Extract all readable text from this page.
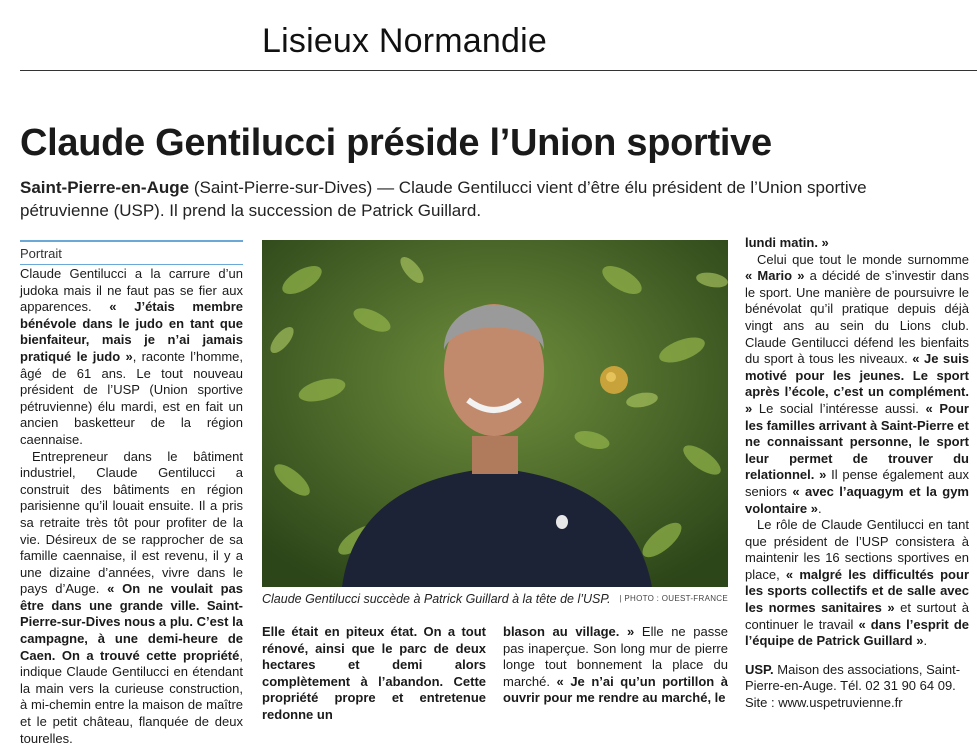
Lisieux Normandie
Claude Gentilucci préside l’Union sportive
Saint-Pierre-en-Auge (Saint-Pierre-sur-Dives) — Claude Gentilucci vient d’être élu président de l’Union sportive pétruvienne (USP). Il prend la succession de Patrick Guillard.
Portrait

Claude Gentilucci a la carrure d’un judoka mais il ne faut pas se fier aux apparences. « J’étais membre bénévole dans le judo en tant que bienfaiteur, mais je n’ai jamais pratiqué le judo », raconte l’homme, âgé de 61 ans. Le tout nouveau président de l’USP (Union sportive pétruvienne) élu mardi, est en fait un ancien basketteur de la région caennaise.

Entrepreneur dans le bâtiment industriel, Claude Gentilucci a construit des bâtiments en région parisienne qu’il louait ensuite. Il a pris sa retraite très tôt pour profiter de la vie. Désireux de se rapprocher de sa famille caennaise, il est revenu, il y a une dizaine d’années, vivre dans le pays d’Auge. « On ne voulait pas être dans une grande ville. Saint-Pierre-sur-Dives nous a plu. C’est la campagne, à une demi-heure de Caen. On a trouvé cette propriété, indique Claude Gentilucci en étendant la main vers la curieuse construction, à mi-chemin entre la maison de maître et le petit château, flanquée de deux tourelles.

Claude Gentilucci succède à Patrick Guillard à la tête de l’USP. | PHOTO : OUEST-FRANCE

Elle était en piteux état. On a tout rénové, ainsi que le parc de deux hectares et demi alors complètement à l’abandon. Cette propriété propre et entretenue redonne un

blason au village. » Elle ne passe pas inaperçue. Son long mur de pierre longe tout bonnement la place du marché. « Je n’ai qu’un portillon à ouvrir pour me rendre au marché, le

lundi matin. »

Celui que tout le monde surnomme « Mario » a décidé de s’investir dans le sport. Une manière de poursuivre le bénévolat qu’il pratique depuis déjà vingt ans au sein du Lions club. Claude Gentilucci défend les bienfaits du sport à tous les niveaux. « Je suis motivé pour les jeunes. Le sport après l’école, c’est un complément. » Le social l’intéresse aussi. « Pour les familles arrivant à Saint-Pierre et ne connaissant personne, le sport leur permet de trouver du relationnel. » Il pense également aux seniors « avec l’aquagym et la gym volontaire ».

Le rôle de Claude Gentilucci en tant que président de l’USP consistera à maintenir les 16 sections sportives en place, « malgré les difficultés pour les sports collectifs et de salle avec les normes sanitaires » et surtout à continuer le travail « dans l’esprit de l’équipe de Patrick Guillard ».

USP. Maison des associations, Saint-Pierre-en-Auge. Tél. 02 31 90 64 09. Site : www.uspetruvienne.fr
